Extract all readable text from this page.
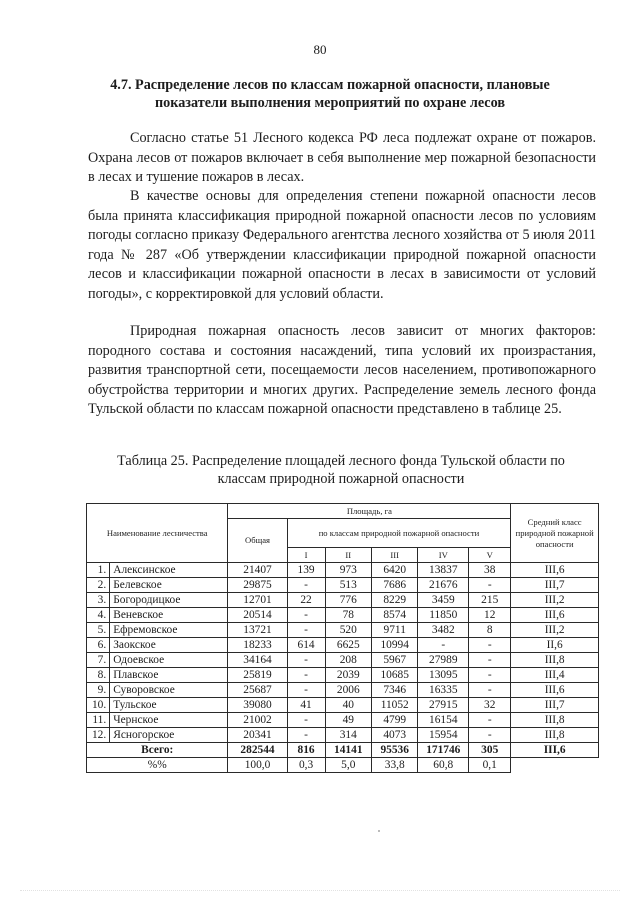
80
4.7. Распределение лесов по классам пожарной опасности, плановые показатели выполнения мероприятий по охране лесов

Согласно статье 51 Лесного кодекса РФ леса подлежат охране от пожаров. Охрана лесов от пожаров включает в себя выполнение мер пожарной безопасности в лесах и тушение пожаров в лесах.

В качестве основы для определения степени пожарной опасности лесов была принята классификация природной пожарной опасности лесов по условиям погоды согласно приказу Федерального агентства лесного хозяйства от 5 июля 2011 года № 287 «Об утверждении классификации природной пожарной опасности лесов и классификации пожарной опасности в лесах в зависимости от условий погоды», с корректировкой для условий области.

Природная пожарная опасность лесов зависит от многих факторов: породного состава и состояния насаждений, типа условий их произрастания, развития транспортной сети, посещаемости лесов населением, противопожарного обустройства территории и многих других. Распределение земель лесного фонда Тульской области по классам пожарной опасности представлено в таблице 25.

Таблица 25. Распределение площадей лесного фонда Тульской области по классам природной пожарной опасности
Наименование лесничества		Площадь, га						Средний класс природной пожарной опасности
		Общая	по классам природной пожарной опасности					
			I	II	III	IV	V	
1.	Алексинское	21407	139	973	6420	13837	38	III,6
2.	Белевское	29875	-	513	7686	21676	-	III,7
3.	Богородицкое	12701	22	776	8229	3459	215	III,2
4.	Веневское	20514	-	78	8574	11850	12	III,6
5.	Ефремовское	13721	-	520	9711	3482	8	III,2
6.	Заокское	18233	614	6625	10994	-	-	II,6
7.	Одоевское	34164	-	208	5967	27989	-	III,8
8.	Плавское	25819	-	2039	10685	13095	-	III,4
9.	Суворовское	25687	-	2006	7346	16335	-	III,6
10.	Тульское	39080	41	40	11052	27915	32	III,7
11.	Чернское	21002	-	49	4799	16154	-	III,8
12.	Ясногорское	20341	-	314	4073	15954	-	III,8
Всего:		282544	816	14141	95536	171746	305	III,6
%%		100,0	0,3	5,0	33,8	60,8	0,1	
